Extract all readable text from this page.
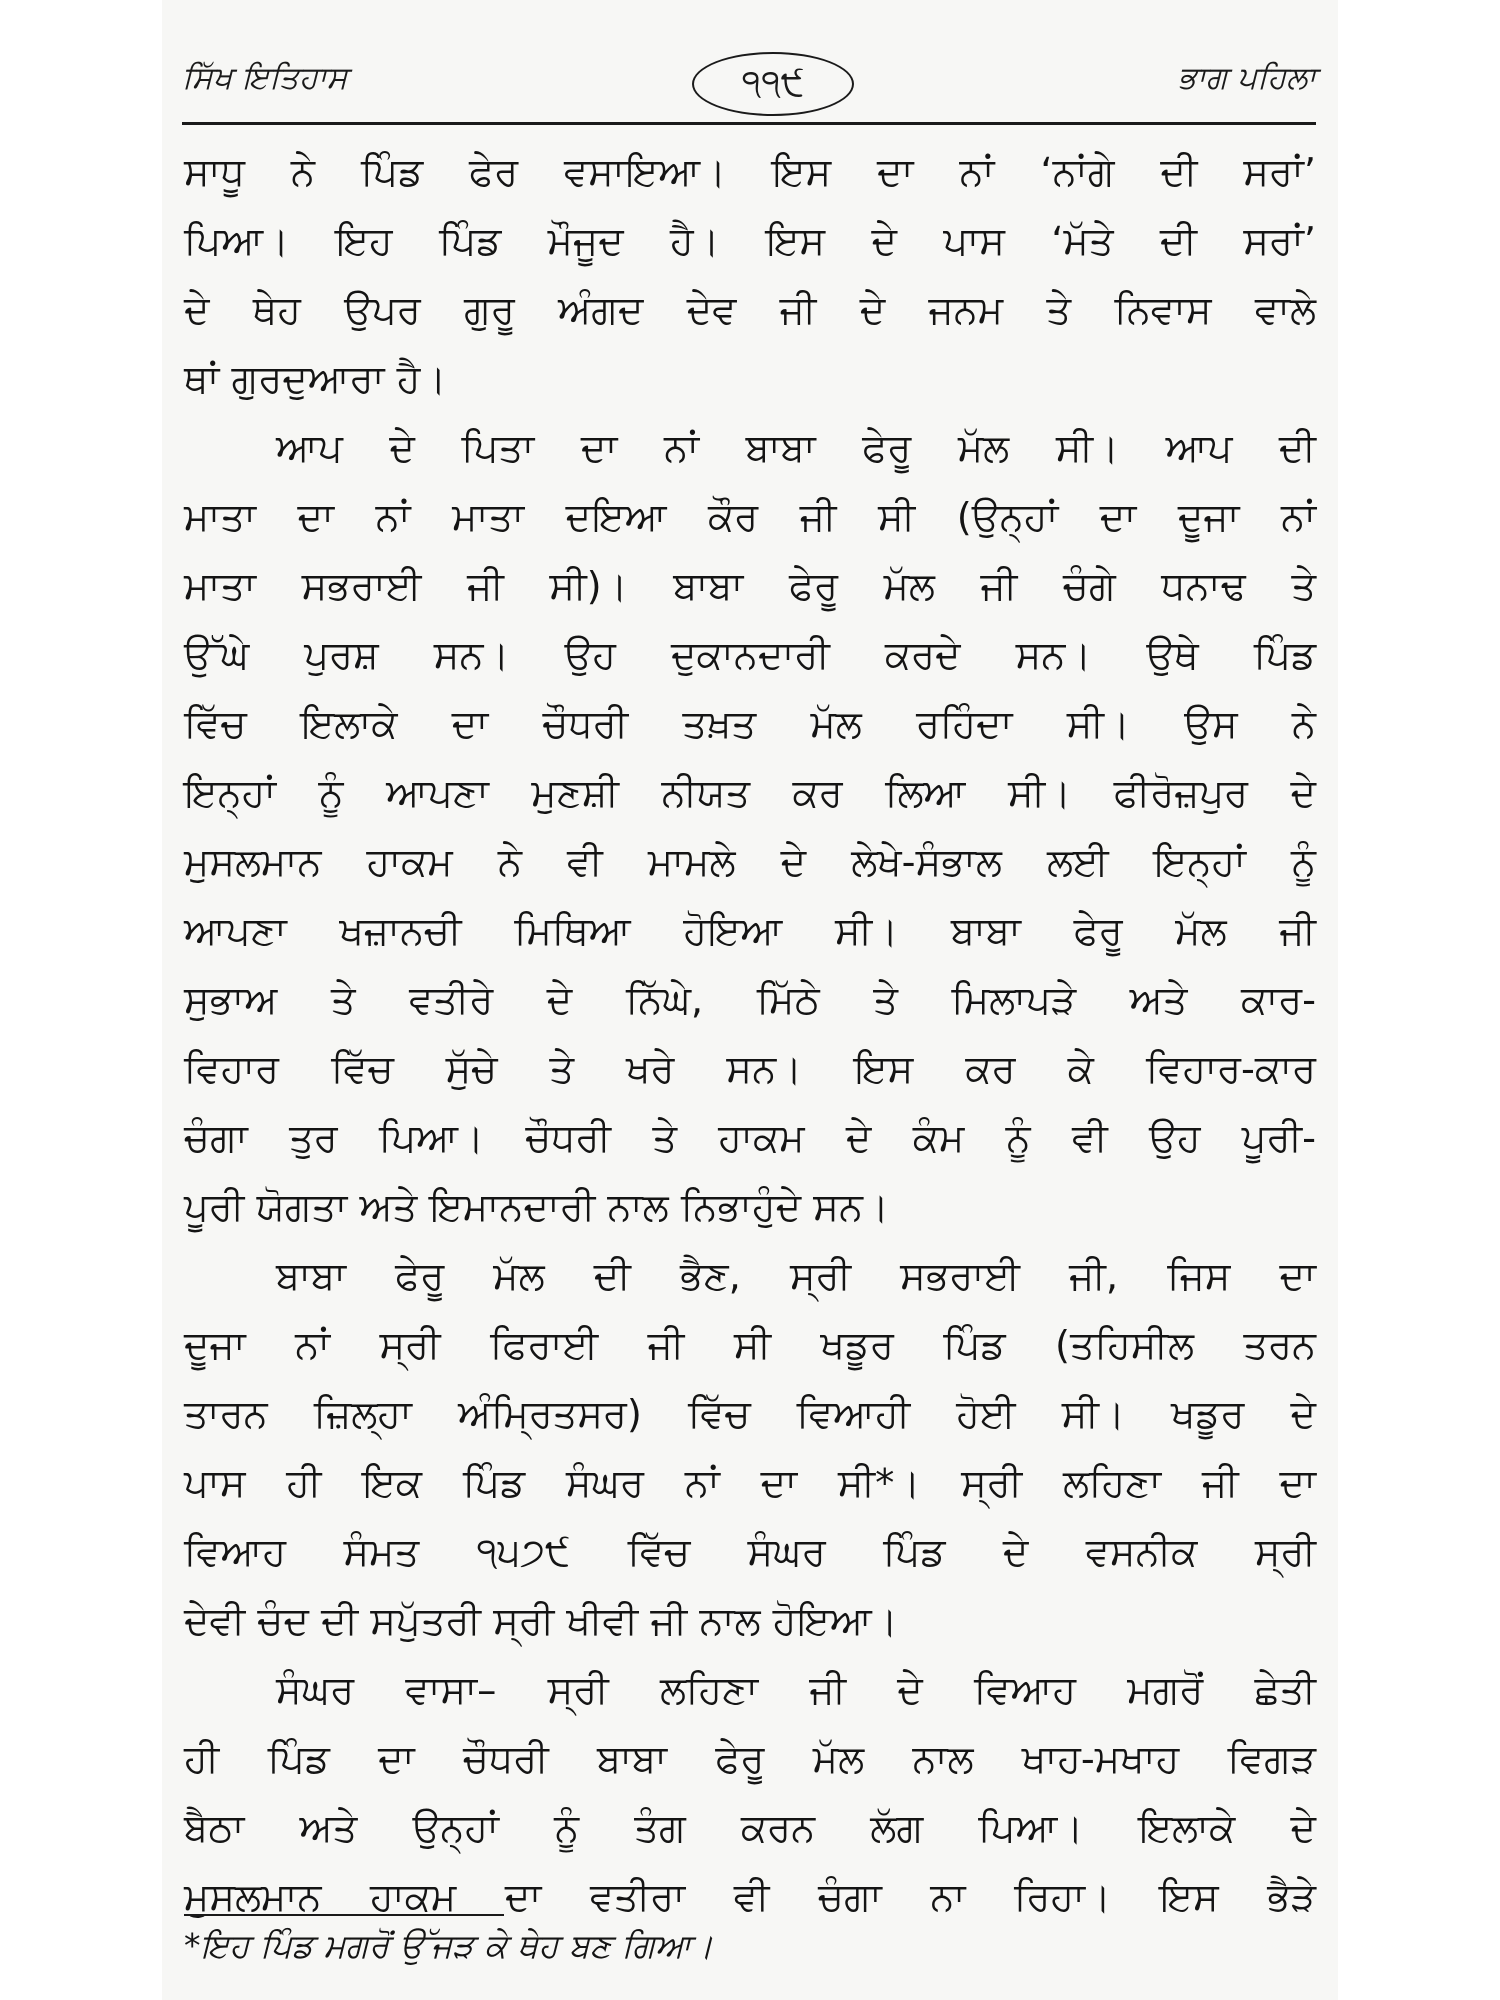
ਸਿੱਖ ਇਤਿਹਾਸ	੧੧੯	ਭਾਗ ਪਹਿਲਾ
ਸਾਧੂ ਨੇ ਪਿੰਡ ਫੇਰ ਵਸਾਇਆ। ਇਸ ਦਾ ਨਾਂ ‘ਨਾਂਗੇ ਦੀ ਸਰਾਂ’
ਪਿਆ। ਇਹ ਪਿੰਡ ਮੌਜੂਦ ਹੈ। ਇਸ ਦੇ ਪਾਸ ‘ਮੱਤੇ ਦੀ ਸਰਾਂ’
ਦੇ ਥੇਹ ਉਪਰ ਗੁਰੂ ਅੰਗਦ ਦੇਵ ਜੀ ਦੇ ਜਨਮ ਤੇ ਨਿਵਾਸ ਵਾਲੇ
ਥਾਂ ਗੁਰਦੁਆਰਾ ਹੈ।
ਆਪ ਦੇ ਪਿਤਾ ਦਾ ਨਾਂ ਬਾਬਾ ਫੇਰੂ ਮੱਲ ਸੀ। ਆਪ ਦੀ
ਮਾਤਾ ਦਾ ਨਾਂ ਮਾਤਾ ਦਇਆ ਕੌਰ ਜੀ ਸੀ (ਉਨ੍ਹਾਂ ਦਾ ਦੂਜਾ ਨਾਂ
ਮਾਤਾ ਸਭਰਾਈ ਜੀ ਸੀ)। ਬਾਬਾ ਫੇਰੂ ਮੱਲ ਜੀ ਚੰਗੇ ਧਨਾਢ ਤੇ
ਉੱਘੇ ਪੁਰਸ਼ ਸਨ। ਉਹ ਦੁਕਾਨਦਾਰੀ ਕਰਦੇ ਸਨ। ਉਥੇ ਪਿੰਡ
ਵਿੱਚ ਇਲਾਕੇ ਦਾ ਚੌਧਰੀ ਤਖ਼ਤ ਮੱਲ ਰਹਿੰਦਾ ਸੀ। ਉਸ ਨੇ
ਇਨ੍ਹਾਂ ਨੂੰ ਆਪਣਾ ਮੁਣਸ਼ੀ ਨੀਯਤ ਕਰ ਲਿਆ ਸੀ। ਫੀਰੋਜ਼ਪੁਰ ਦੇ
ਮੁਸਲਮਾਨ ਹਾਕਮ ਨੇ ਵੀ ਮਾਮਲੇ ਦੇ ਲੇਖੇ-ਸੰਭਾਲ ਲਈ ਇਨ੍ਹਾਂ ਨੂੰ
ਆਪਣਾ ਖਜ਼ਾਨਚੀ ਮਿਥਿਆ ਹੋਇਆ ਸੀ। ਬਾਬਾ ਫੇਰੂ ਮੱਲ ਜੀ
ਸੁਭਾਅ ਤੇ ਵਤੀਰੇ ਦੇ ਨਿੱਘੇ, ਮਿੱਠੇ ਤੇ ਮਿਲਾਪੜੇ ਅਤੇ ਕਾਰ-
ਵਿਹਾਰ ਵਿੱਚ ਸੁੱਚੇ ਤੇ ਖਰੇ ਸਨ। ਇਸ ਕਰ ਕੇ ਵਿਹਾਰ-ਕਾਰ
ਚੰਗਾ ਤੁਰ ਪਿਆ। ਚੌਧਰੀ ਤੇ ਹਾਕਮ ਦੇ ਕੰਮ ਨੂੰ ਵੀ ਉਹ ਪੂਰੀ-
ਪੂਰੀ ਯੋਗਤਾ ਅਤੇ ਇਮਾਨਦਾਰੀ ਨਾਲ ਨਿਭਾਹੁੰਦੇ ਸਨ।
ਬਾਬਾ ਫੇਰੂ ਮੱਲ ਦੀ ਭੈਣ, ਸ੍ਰੀ ਸਭਰਾਈ ਜੀ, ਜਿਸ ਦਾ
ਦੂਜਾ ਨਾਂ ਸ੍ਰੀ ਫਿਰਾਈ ਜੀ ਸੀ ਖਡੂਰ ਪਿੰਡ (ਤਹਿਸੀਲ ਤਰਨ
ਤਾਰਨ ਜ਼ਿਲ੍ਹਾ ਅੰਮ੍ਰਿਤਸਰ) ਵਿੱਚ ਵਿਆਹੀ ਹੋਈ ਸੀ। ਖਡੂਰ ਦੇ
ਪਾਸ ਹੀ ਇਕ ਪਿੰਡ ਸੰਘਰ ਨਾਂ ਦਾ ਸੀ*। ਸ੍ਰੀ ਲਹਿਣਾ ਜੀ ਦਾ
ਵਿਆਹ ਸੰਮਤ ੧੫੭੯ ਵਿੱਚ ਸੰਘਰ ਪਿੰਡ ਦੇ ਵਸਨੀਕ ਸ੍ਰੀ
ਦੇਵੀ ਚੰਦ ਦੀ ਸਪੁੱਤਰੀ ਸ੍ਰੀ ਖੀਵੀ ਜੀ ਨਾਲ ਹੋਇਆ।
ਸੰਘਰ ਵਾਸਾ– ਸ੍ਰੀ ਲਹਿਣਾ ਜੀ ਦੇ ਵਿਆਹ ਮਗਰੋਂ ਛੇਤੀ
ਹੀ ਪਿੰਡ ਦਾ ਚੌਧਰੀ ਬਾਬਾ ਫੇਰੂ ਮੱਲ ਨਾਲ ਖਾਹ-ਮਖਾਹ ਵਿਗੜ
ਬੈਠਾ ਅਤੇ ਉਨ੍ਹਾਂ ਨੂੰ ਤੰਗ ਕਰਨ ਲੱਗ ਪਿਆ। ਇਲਾਕੇ ਦੇ
ਮੁਸਲਮਾਨ ਹਾਕਮ ਦਾ ਵਤੀਰਾ ਵੀ ਚੰਗਾ ਨਾ ਰਿਹਾ। ਇਸ ਭੈੜੇ
*ਇਹ ਪਿੰਡ ਮਗਰੋਂ ਉੱਜੜ ਕੇ ਥੇਹ ਬਣ ਗਿਆ।
